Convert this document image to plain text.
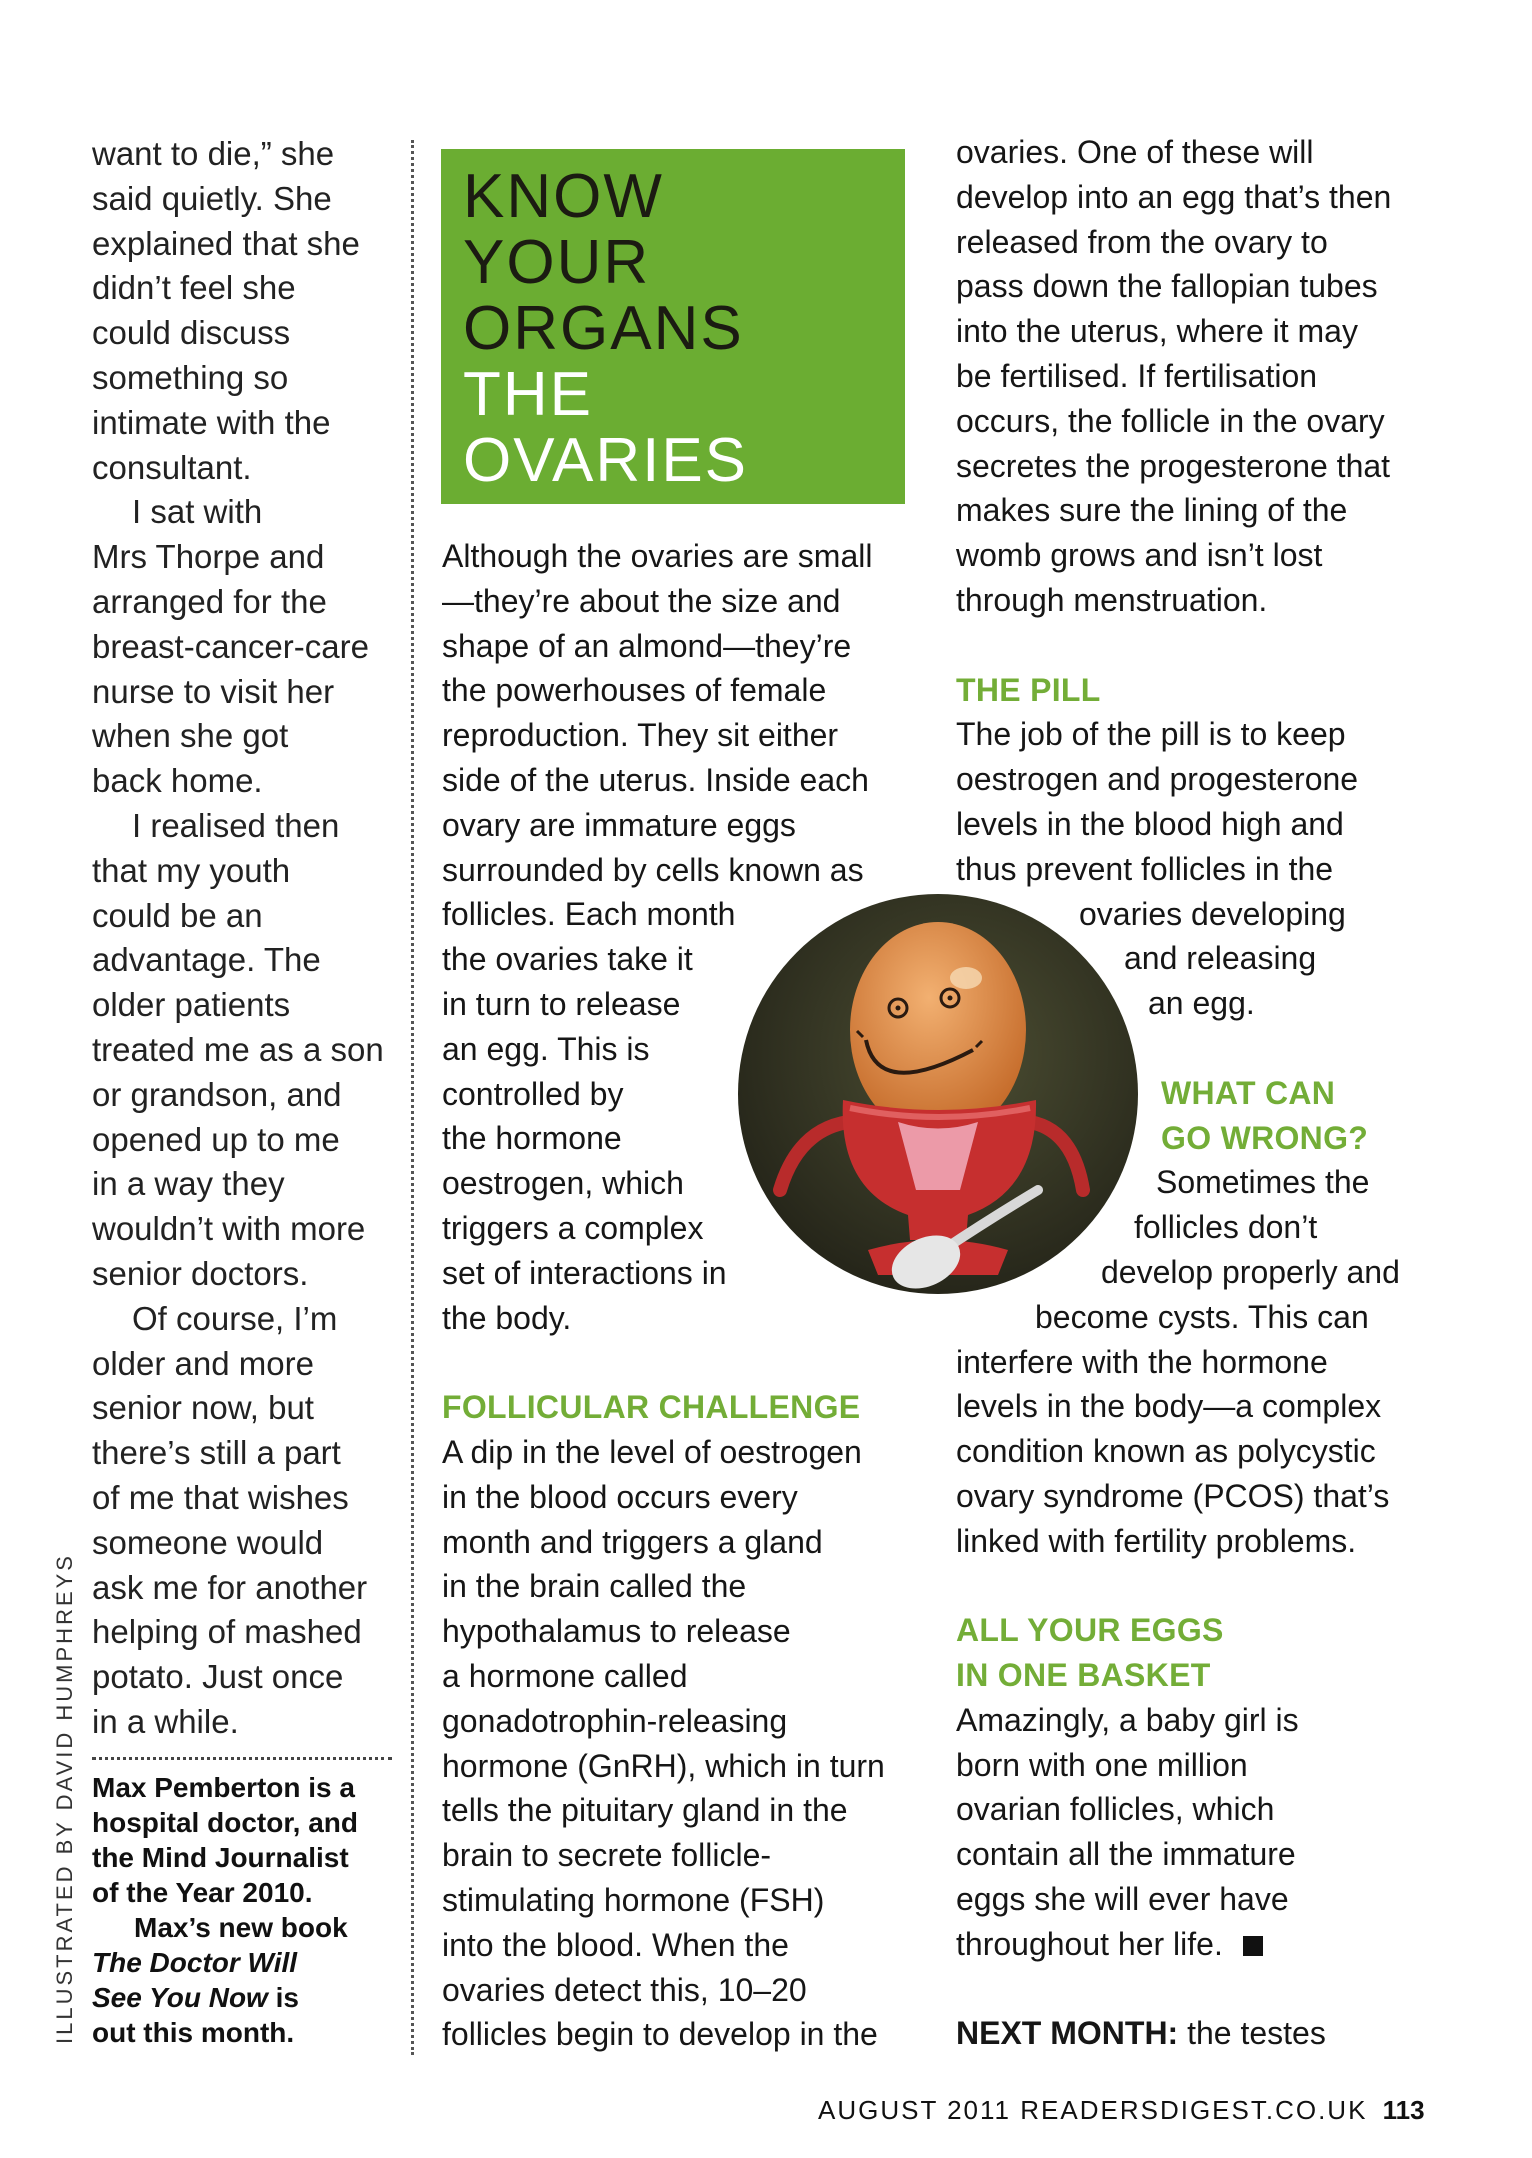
want to die,” she

said quietly. She

explained that she

didn’t feel she

could discuss

something so

intimate with the

consultant.

I sat with

Mrs Thorpe and

arranged for the

breast-cancer-care

nurse to visit her

when she got

back home.

I realised then

that my youth

could be an

advantage. The

older patients

treated me as a son

or grandson, and

opened up to me

in a way they

wouldn’t with more

senior doctors.

Of course, I’m

older and more

senior now, but

there’s still a part

of me that wishes

someone would

ask me for another

helping of mashed

potato. Just once

in a while.

Max Pemberton is a

hospital doctor, and

the Mind Journalist

of the Year 2010.

Max’s new book

The Doctor Will

See You Now is

out this month.

ILLUSTRATED BY DAVID HUMPHREYS
KNOW
YOUR
ORGANS
THE
OVARIES

Although the ovaries are small

—they’re about the size and

shape of an almond—they’re

the powerhouses of female

reproduction. They sit either

side of the uterus. Inside each

ovary are immature eggs

surrounded by cells known as

follicles. Each month

the ovaries take it

in turn to release

an egg. This is

controlled by

the hormone

oestrogen, which

triggers a complex

set of interactions in

the body.

FOLLICULAR CHALLENGE

A dip in the level of oestrogen

in the blood occurs every

month and triggers a gland

in the brain called the

hypothalamus to release

a hormone called

gonadotrophin-releasing

hormone (GnRH), which in turn

tells the pituitary gland in the

brain to secrete follicle-

stimulating hormone (FSH)

into the blood. When the

ovaries detect this, 10–20

follicles begin to develop in the

ovaries. One of these will

develop into an egg that’s then

released from the ovary to

pass down the fallopian tubes

into the uterus, where it may

be fertilised. If fertilisation

occurs, the follicle in the ovary

secretes the progesterone that

makes sure the lining of the

womb grows and isn’t lost

through menstruation.

THE PILL

The job of the pill is to keep

oestrogen and progesterone

levels in the blood high and

thus prevent follicles in the

ovaries developing

and releasing

an egg.

WHAT CAN

GO WRONG?

Sometimes the

follicles don’t

develop properly and

become cysts. This can

interfere with the hormone

levels in the body—a complex

condition known as polycystic

ovary syndrome (PCOS) that’s

linked with fertility problems.

ALL YOUR EGGS

IN ONE BASKET

Amazingly, a baby girl is

born with one million

ovarian follicles, which

contain all the immature

eggs she will ever have

throughout her life.

NEXT MONTH: the testes

AUGUST 2011 READERSDIGEST.CO.UK 113
